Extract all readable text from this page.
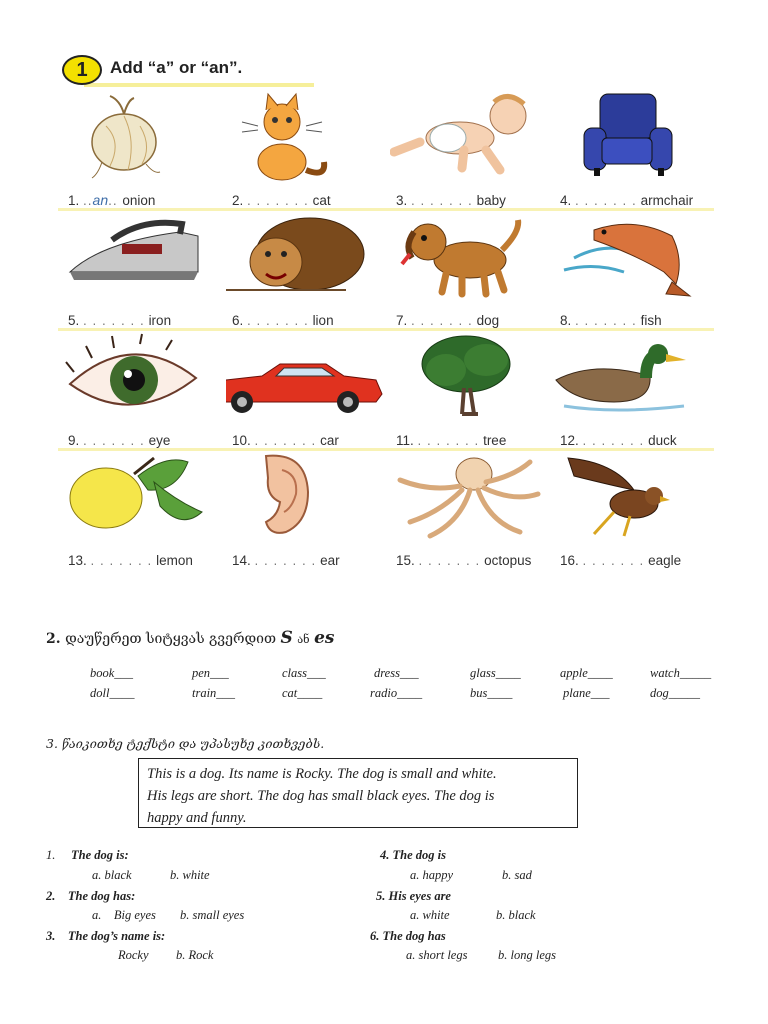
1	Add “a” or “an”.
1. ..an.. onion	2. . . . . . . . cat	3. . . . . . . . baby	4. . . . . . . . armchair
5. . . . . . . . iron	6. . . . . . . . lion	7. . . . . . . . dog	8. . . . . . . . fish
9. . . . . . . . eye	10. . . . . . . . car	11. . . . . . . . tree	12. . . . . . . . duck
13. . . . . . . . lemon	14. . . . . . . . ear	15. . . . . . . . octopus	16. . . . . . . . eagle
2. დაუწერეთ სიტყვას გვერდით S ან es
book___	pen___	class___	dress___	glass____	apple____	watch_____
doll____	train___	cat____	radio____	bus____	plane___	dog_____
3. წაიკითხე ტექსტი და უპასუხე კითხვებს.
This is a dog. Its name is Rocky. The dog is small and white.
His legs are short. The dog has small black eyes. The dog is
happy and funny.
1. The dog is:
a. black	b. white
2. The dog has:
a.    Big eyes b. small eyes
3. The dog’s name is:
Rocky b. Rock
4. The dog is
a. happy	b. sad
5. His eyes are
a. white	b. black
6. The dog has
a. short legs b. long legs
